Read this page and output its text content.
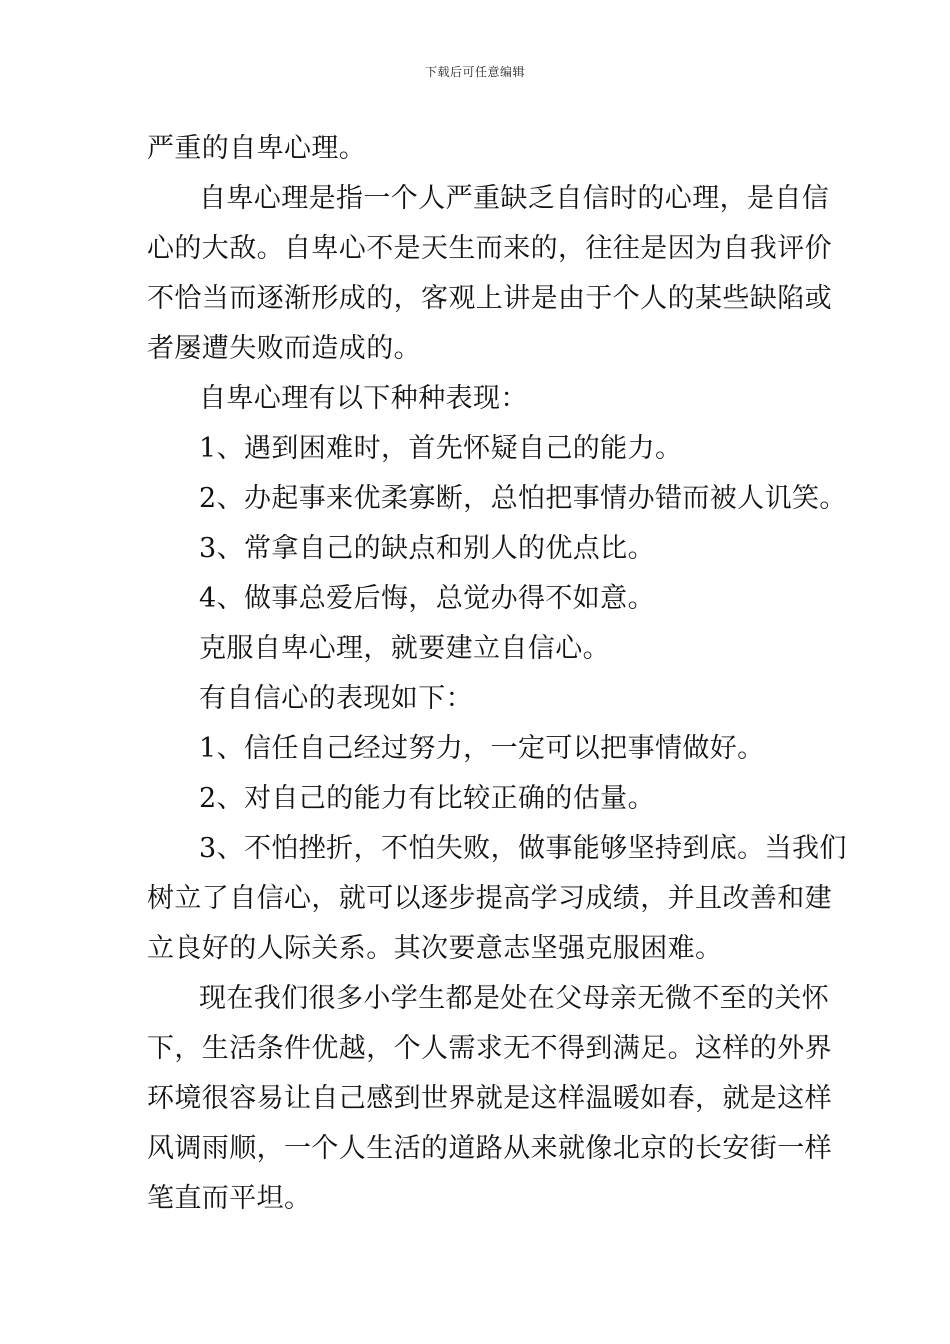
下载后可任意编辑

严重的自卑心理。

自卑心理是指一个人严重缺乏自信时的心理，是自信

心的大敌。自卑心不是天生而来的，往往是因为自我评价

不恰当而逐渐形成的，客观上讲是由于个人的某些缺陷或

者屡遭失败而造成的。

自卑心理有以下种种表现：

1、遇到困难时，首先怀疑自己的能力。

2、办起事来优柔寡断，总怕把事情办错而被人讥笑。

3、常拿自己的缺点和别人的优点比。

4、做事总爱后悔，总觉办得不如意。

克服自卑心理，就要建立自信心。

有自信心的表现如下：

1、信任自己经过努力，一定可以把事情做好。

2、对自己的能力有比较正确的估量。

3、不怕挫折，不怕失败，做事能够坚持到底。当我们

树立了自信心，就可以逐步提高学习成绩，并且改善和建

立良好的人际关系。其次要意志坚强克服困难。

现在我们很多小学生都是处在父母亲无微不至的关怀

下，生活条件优越，个人需求无不得到满足。这样的外界

环境很容易让自己感到世界就是这样温暖如春，就是这样

风调雨顺，一个人生活的道路从来就像北京的长安街一样

笔直而平坦。
